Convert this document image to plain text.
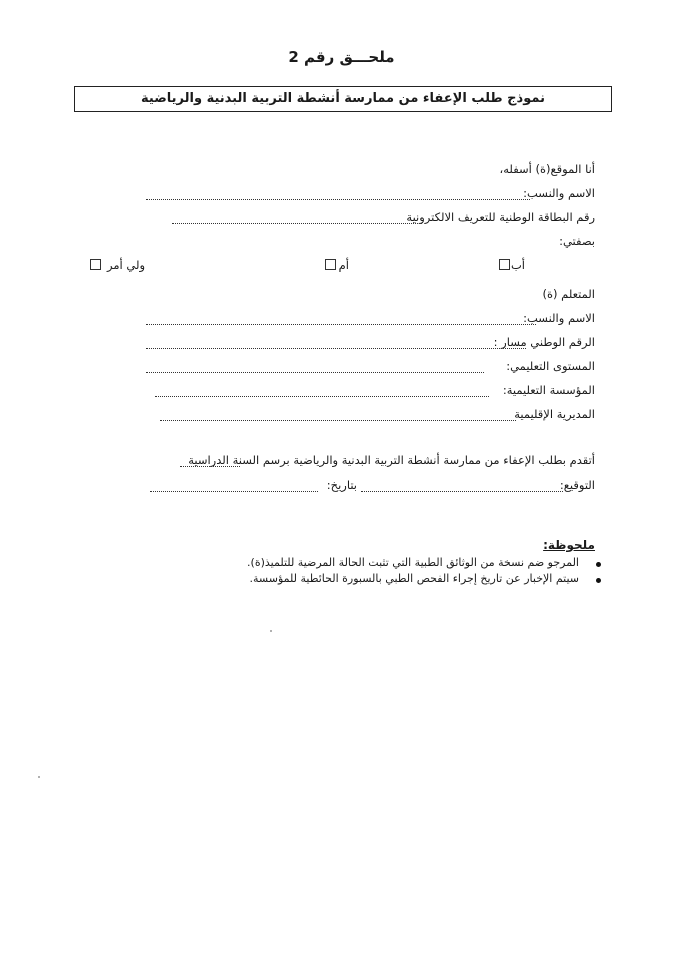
ملحـــق رقم 2
نموذج طلب الإعفاء من ممارسة أنشطة التربية البدنية والرياضية
أنا الموقع(ة) أسفله،
الاسم والنسب:
رقم البطاقة الوطنية للتعريف الالكترونية
بصفتي:
أب
أم
ولي أمر
المتعلم (ة)
الاسم والنسب:
الرقم الوطني مسار :
المستوى التعليمي:
المؤسسة التعليمية:
المديرية الإقليمية
أتقدم بطلب الإعفاء من ممارسة أنشطة التربية البدنية والرياضية برسم السنة الدراسية
التوقيع:
بتاريخ:
ملحوظة:
المرجو ضم نسخة من الوثائق الطبية التي تثبت الحالة المرضية للتلميذ(ة).
سيتم الإخبار عن تاريخ إجراء الفحص الطبي بالسبورة الحائطية للمؤسسة.
